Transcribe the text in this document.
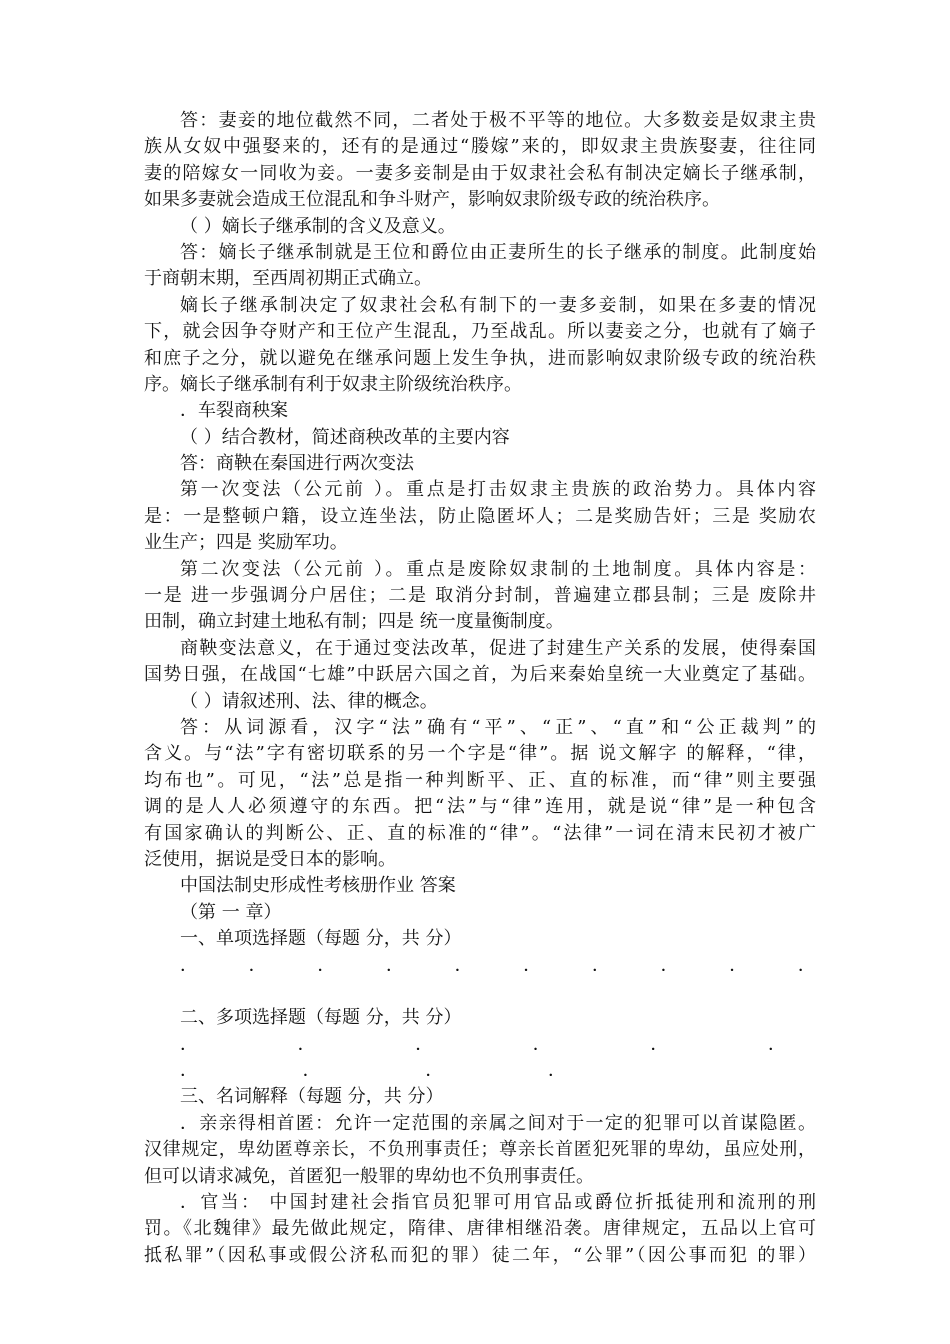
答：妻妾的地位截然不同，二者处于极不平等的地位。大多数妾是奴隶主贵
族从女奴中强娶来的，还有的是通过“媵嫁”来的，即奴隶主贵族娶妻，往往同
妻的陪嫁女一同收为妾。一妻多妾制是由于奴隶社会私有制决定嫡长子继承制，
如果多妻就会造成王位混乱和争斗财产，影响奴隶阶级专政的统治秩序。
（ ）嫡长子继承制的含义及意义。
答：嫡长子继承制就是王位和爵位由正妻所生的长子继承的制度。此制度始
于商朝末期，至西周初期正式确立。
嫡长子继承制决定了奴隶社会私有制下的一妻多妾制，如果在多妻的情况
下，就会因争夺财产和王位产生混乱，乃至战乱。所以妻妾之分，也就有了嫡子
和庶子之分，就以避免在继承问题上发生争执，进而影响奴隶阶级专政的统治秩
序。嫡长子继承制有利于奴隶主阶级统治秩序。
．车裂商秧案
（ ）结合教材，简述商秧改革的主要内容
答：商鞅在秦国进行两次变法
第一次变法（公元前 ）。重点是打击奴隶主贵族的政治势力。具体内容
是：一是整顿户籍，设立连坐法，防止隐匿坏人；二是奖励告奸；三是 奖励农
业生产；四是 奖励军功。
第二次变法（公元前 ）。重点是废除奴隶制的土地制度。具体内容是：
一是 进一步强调分户居住；二是 取消分封制，普遍建立郡县制；三是 废除井
田制，确立封建土地私有制；四是 统一度量衡制度。
商鞅变法意义，在于通过变法改革，促进了封建生产关系的发展，使得秦国
国势日强，在战国“七雄”中跃居六国之首，为后来秦始皇统一大业奠定了基础。
（ ）请叙述刑、法、律的概念。
答：从词源看，汉字“法”确有“平”、“正”、“直”和“公正裁判”的
含义。与“法”字有密切联系的另一个字是“律”。据 说文解字 的解释，“律，
均布也”。可见，“法”总是指一种判断平、正、直的标准，而“律”则主要强
调的是人人必须遵守的东西。把“法”与“律”连用，就是说“律”是一种包含
有国家确认的判断公、正、直的标准的“律”。“法律”一词在清末民初才被广
泛使用，据说是受日本的影响。
中国法制史形成性考核册作业 答案
（第 一 章）
一、单项选择题（每题 分，共 分）
．	．	．	．	．	．	．	．	．	．
二、多项选择题（每题 分，共 分）
．	．	．	．	．	．
．	．	．	．
三、名词解释（每题 分，共 分）
．亲亲得相首匿：允许一定范围的亲属之间对于一定的犯罪可以首谋隐匿。
汉律规定，卑幼匿尊亲长，不负刑事责任；尊亲长首匿犯死罪的卑幼，虽应处刑，
但可以请求减免，首匿犯一般罪的卑幼也不负刑事责任。
．官当： 中国封建社会指官员犯罪可用官品或爵位折抵徒刑和流刑的刑
罚。《北魏律》最先做此规定，隋律、唐律相继沿袭。唐律规定，五品以上官可
抵私罪”（因私事或假公济私而犯的罪）徒二年，“公罪”（因公事而犯 的罪）
